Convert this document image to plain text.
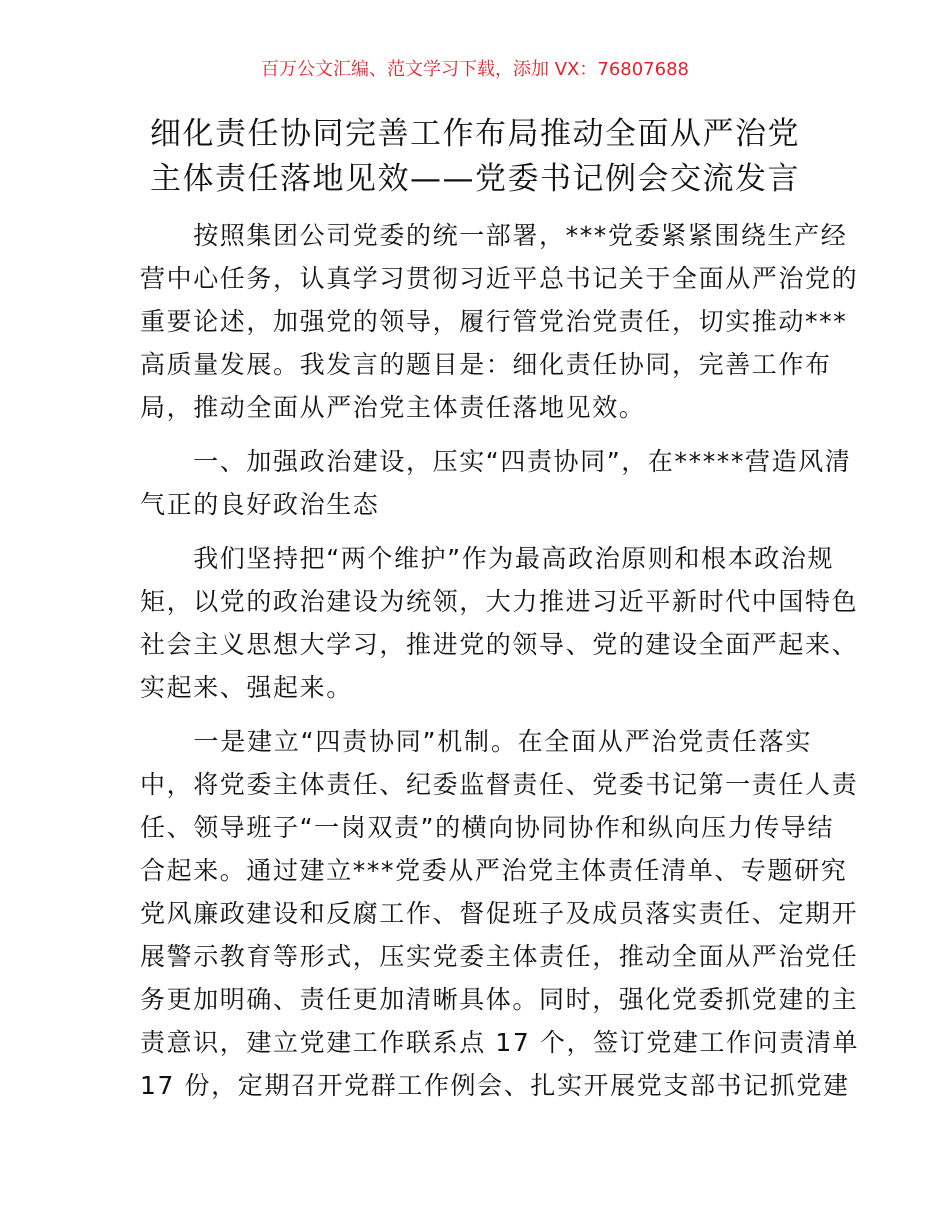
百万公文汇编、范文学习下载，添加 VX：76807688
细化责任协同完善工作布局推动全面从严治党
主体责任落地见效——党委书记例会交流发言
　　按照集团公司党委的统一部署，***党委紧紧围绕生产经
营中心任务，认真学习贯彻习近平总书记关于全面从严治党的
重要论述，加强党的领导，履行管党治党责任，切实推动***
高质量发展。我发言的题目是：细化责任协同，完善工作布
局，推动全面从严治党主体责任落地见效。
　　一、加强政治建设，压实“四责协同”，在*****营造风清
气正的良好政治生态
　　我们坚持把“两个维护”作为最高政治原则和根本政治规
矩，以党的政治建设为统领，大力推进习近平新时代中国特色
社会主义思想大学习，推进党的领导、党的建设全面严起来、
实起来、强起来。
　　一是建立“四责协同”机制。在全面从严治党责任落实
中，将党委主体责任、纪委监督责任、党委书记第一责任人责
任、领导班子“一岗双责”的横向协同协作和纵向压力传导结
合起来。通过建立***党委从严治党主体责任清单、专题研究
党风廉政建设和反腐工作、督促班子及成员落实责任、定期开
展警示教育等形式，压实党委主体责任，推动全面从严治党任
务更加明确、责任更加清晰具体。同时，强化党委抓党建的主
责意识，建立党建工作联系点 17 个，签订党建工作问责清单
17 份，定期召开党群工作例会、扎实开展党支部书记抓党建
